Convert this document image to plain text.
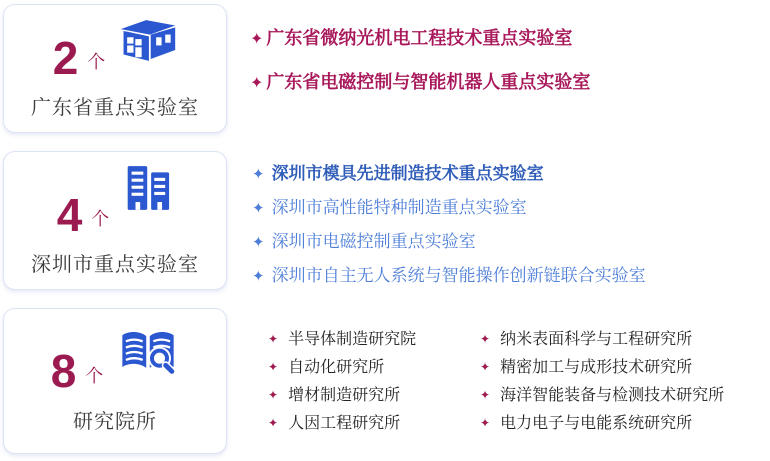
2 个
广东省重点实验室
4 个
深圳市重点实验室
8 个
研究院所
✦ 广东省微纳光机电工程技术重点实验室
✦ 广东省电磁控制与智能机器人重点实验室
✦ 深圳市模具先进制造技术重点实验室
✦ 深圳市高性能特种制造重点实验室
✦ 深圳市电磁控制重点实验室
✦ 深圳市自主无人系统与智能操作创新链联合实验室
✦ 半导体制造研究院
✦ 自动化研究所
✦ 增材制造研究所
✦ 人因工程研究所
✦ 纳米表面科学与工程研究所
✦ 精密加工与成形技术研究所
✦ 海洋智能装备与检测技术研究所
✦ 电力电子与电能系统研究所
